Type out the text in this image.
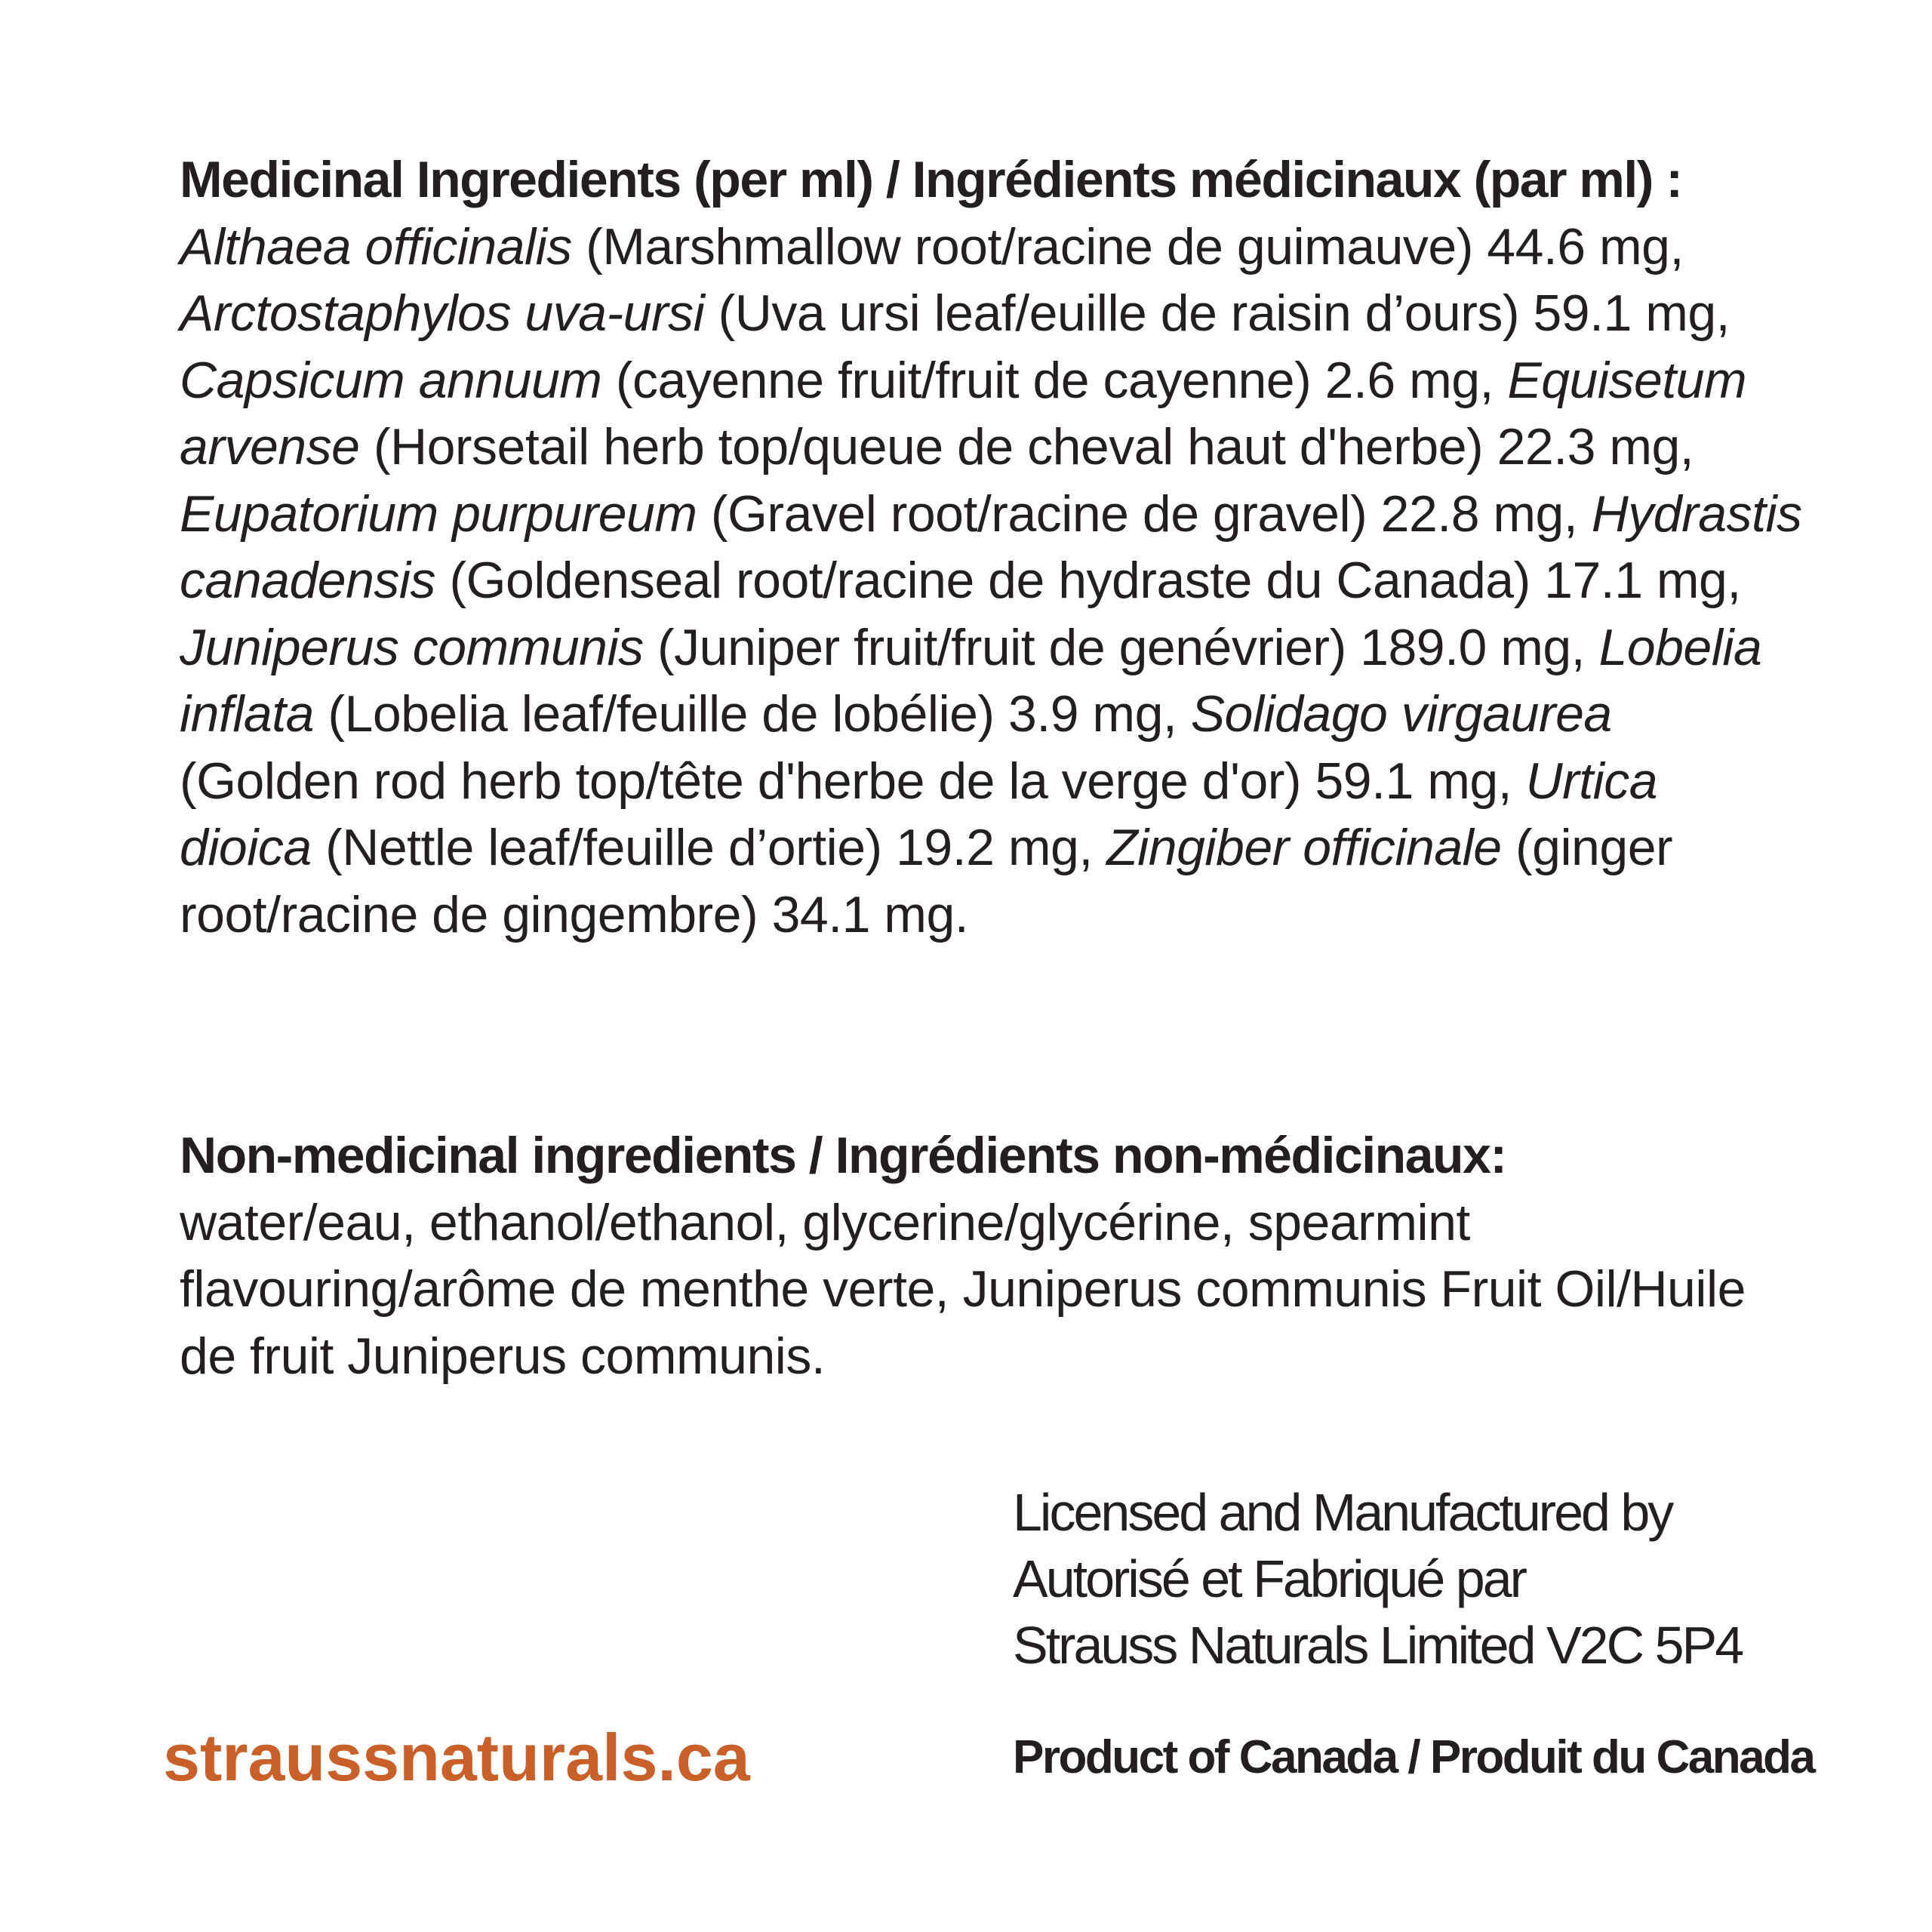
Medicinal Ingredients (per ml) / Ingrédients médicinaux (par ml) :  Althaea officinalis (Marshmallow root/racine de guimauve) 44.6 mg, Arctostaphylos uva-ursi (Uva ursi leaf/euille de raisin d’ours) 59.1 mg, Capsicum annuum (cayenne fruit/fruit de cayenne) 2.6 mg, Equisetum arvense (Horsetail herb top/queue de cheval haut d'herbe) 22.3 mg, Eupatorium purpureum (Gravel root/racine de gravel) 22.8 mg, Hydrastis canadensis (Goldenseal root/racine de hydraste du Canada) 17.1 mg, Juniperus communis (Juniper fruit/fruit de genévrier) 189.0 mg, Lobelia inflata (Lobelia leaf/feuille de lobélie) 3.9 mg, Solidago virgaurea (Golden rod herb top/tête d'herbe de la verge d'or) 59.1 mg, Urtica dioica (Nettle leaf/feuille d’ortie) 19.2 mg, Zingiber officinale (ginger root/racine de gingembre) 34.1 mg.
Non-medicinal ingredients / Ingrédients non-médicinaux:
water/eau, ethanol/ethanol, glycerine/glycérine, spearmint flavouring/arôme de menthe verte, Juniperus communis Fruit Oil/Huile de fruit Juniperus communis.
Licensed and Manufactured by
Autorisé et Fabriqué par
Strauss Naturals Limited V2C 5P4
straussnaturals.ca	Product of Canada / Produit du Canada
